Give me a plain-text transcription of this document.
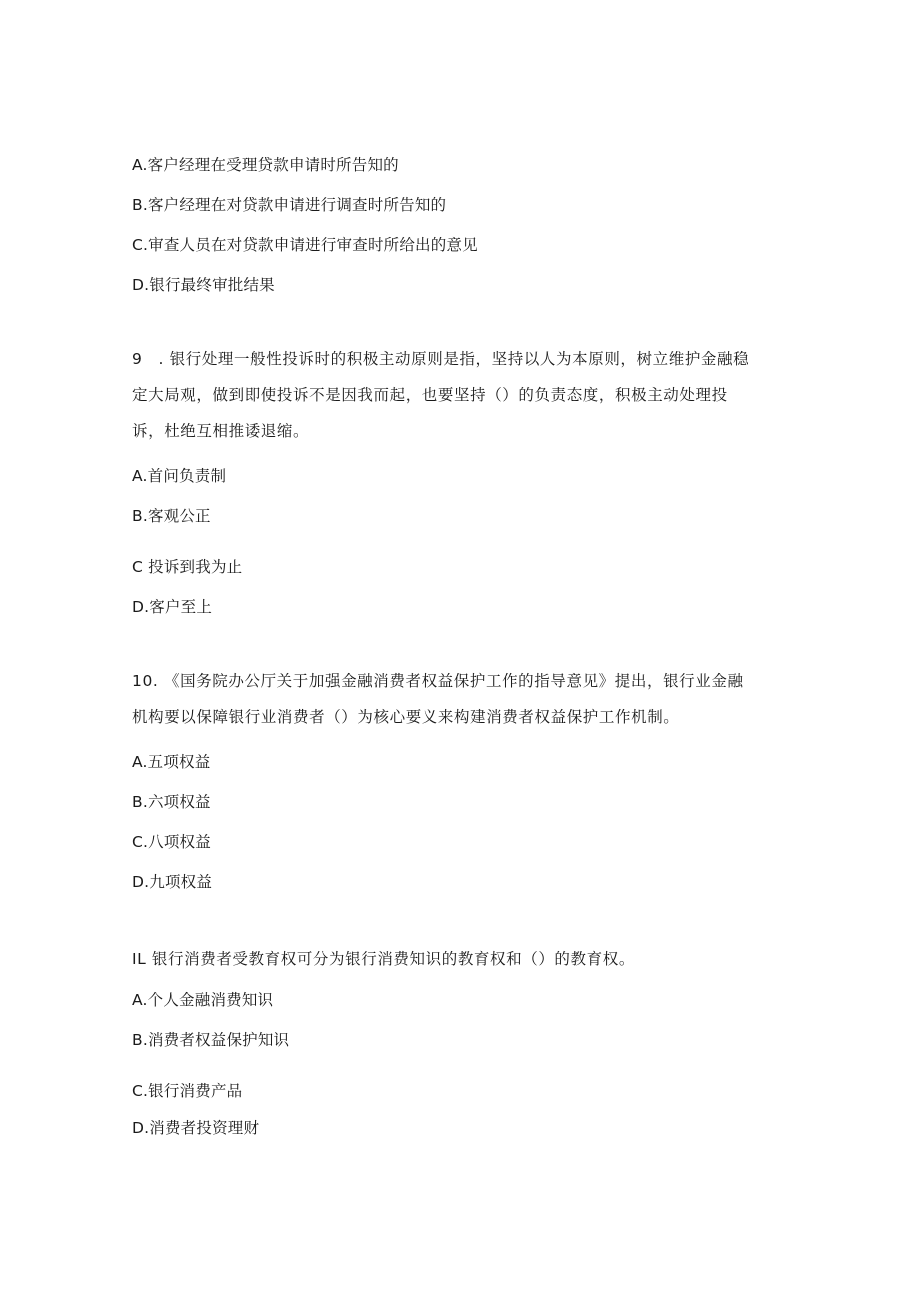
A.客户经理在受理贷款申请时所告知的
B.客户经理在对贷款申请进行调查时所告知的
C.审查人员在对贷款申请进行审查时所给出的意见
D.银行最终审批结果
9　. 银行处理一般性投诉时的积极主动原则是指，坚持以人为本原则，树立维护金融稳
定大局观，做到即使投诉不是因我而起，也要坚持（）的负责态度，积极主动处理投
诉，杜绝互相推诿退缩。
A.首问负责制
B.客观公正
C 投诉到我为止
D.客户至上
10. 《国务院办公厅关于加强金融消费者权益保护工作的指导意见》提出，银行业金融
机构要以保障银行业消费者（）为核心要义来构建消费者权益保护工作机制。
A.五项权益
B.六项权益
C.八项权益
D.九项权益
IL 银行消费者受教育权可分为银行消费知识的教育权和（）的教育权。
A.个人金融消费知识
B.消费者权益保护知识
C.银行消费产品
D.消费者投资理财
